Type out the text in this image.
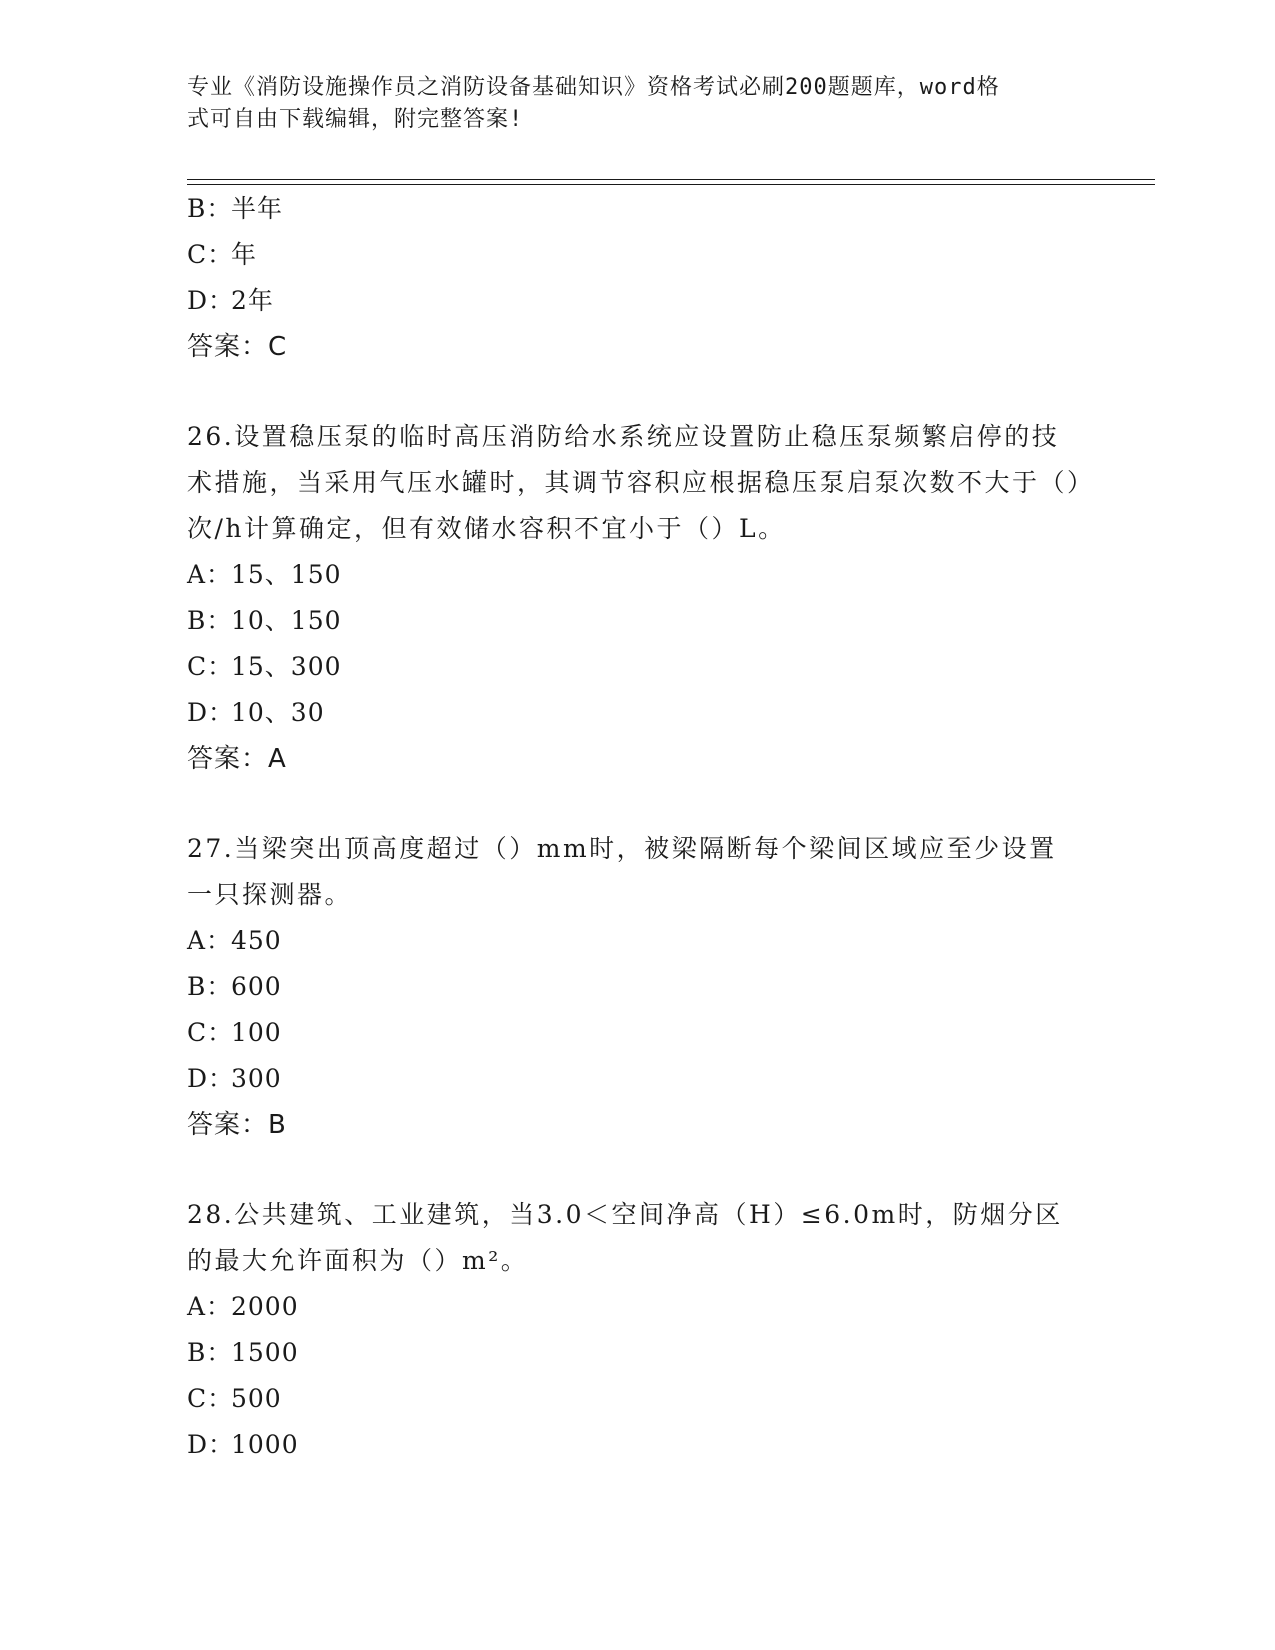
专业《消防设施操作员之消防设备基础知识》资格考试必刷200题题库，word格
式可自由下载编辑，附完整答案!
B：半年
C：年
D：2年
答案：C
26.设置稳压泵的临时高压消防给水系统应设置防止稳压泵频繁启停的技术措施，当采用气压水罐时，其调节容积应根据稳压泵启泵次数不大于（）次/h计算确定，但有效储水容积不宜小于（）L。
A：15、150
B：10、150
C：15、300
D：10、30
答案：A
27.当梁突出顶高度超过（）mm时，被梁隔断每个梁间区域应至少设置一只探测器。
A：450
B：600
C：100
D：300
答案：B
28.公共建筑、工业建筑，当3.0＜空间净高（H）≤6.0m时，防烟分区的最大允许面积为（）m²。
A：2000
B：1500
C：500
D：1000
